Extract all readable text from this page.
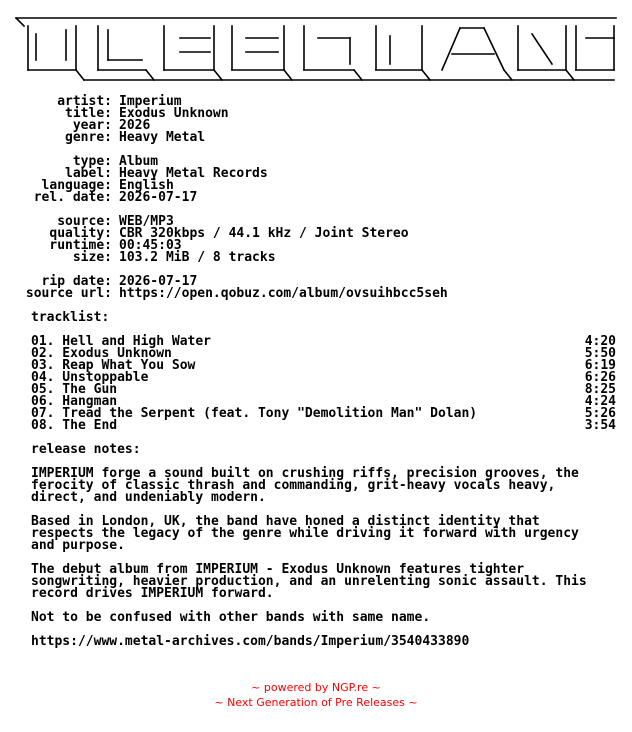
artist: Imperium
title: Exodus Unknown
year: 2026
genre: Heavy Metal
type: Album
label: Heavy Metal Records
language: English
rel. date: 2026-07-17
source: WEB/MP3
quality: CBR 320kbps / 44.1 kHz / Joint Stereo
runtime: 00:45:03
size: 103.2 MiB / 8 tracks
rip date: 2026-07-17
source url: https://open.qobuz.com/album/ovsuihbcc5seh
tracklist:
01. Hell and High Water	4:20
02. Exodus Unknown	5:50
03. Reap What You Sow	6:19
04. Unstoppable	6:26
05. The Gun	8:25
06. Hangman	4:24
07. Tread the Serpent (feat. Tony "Demolition Man" Dolan)	5:26
08. The End	3:54
release notes:

IMPERIUM forge a sound built on crushing riffs, precision grooves, the ferocity of classic thrash and commanding, grit-heavy vocals heavy, direct, and undeniably modern.

Based in London, UK, the band have honed a distinct identity that respects the legacy of the genre while driving it forward with urgency and purpose.

The debut album from IMPERIUM - Exodus Unknown features tighter songwriting, heavier production, and an unrelenting sonic assault. This record drives IMPERIUM forward.

Not to be confused with other bands with same name.

https://www.metal-archives.com/bands/Imperium/3540433890
~ powered by NGP.re ~
~ Next Generation of Pre Releases ~
